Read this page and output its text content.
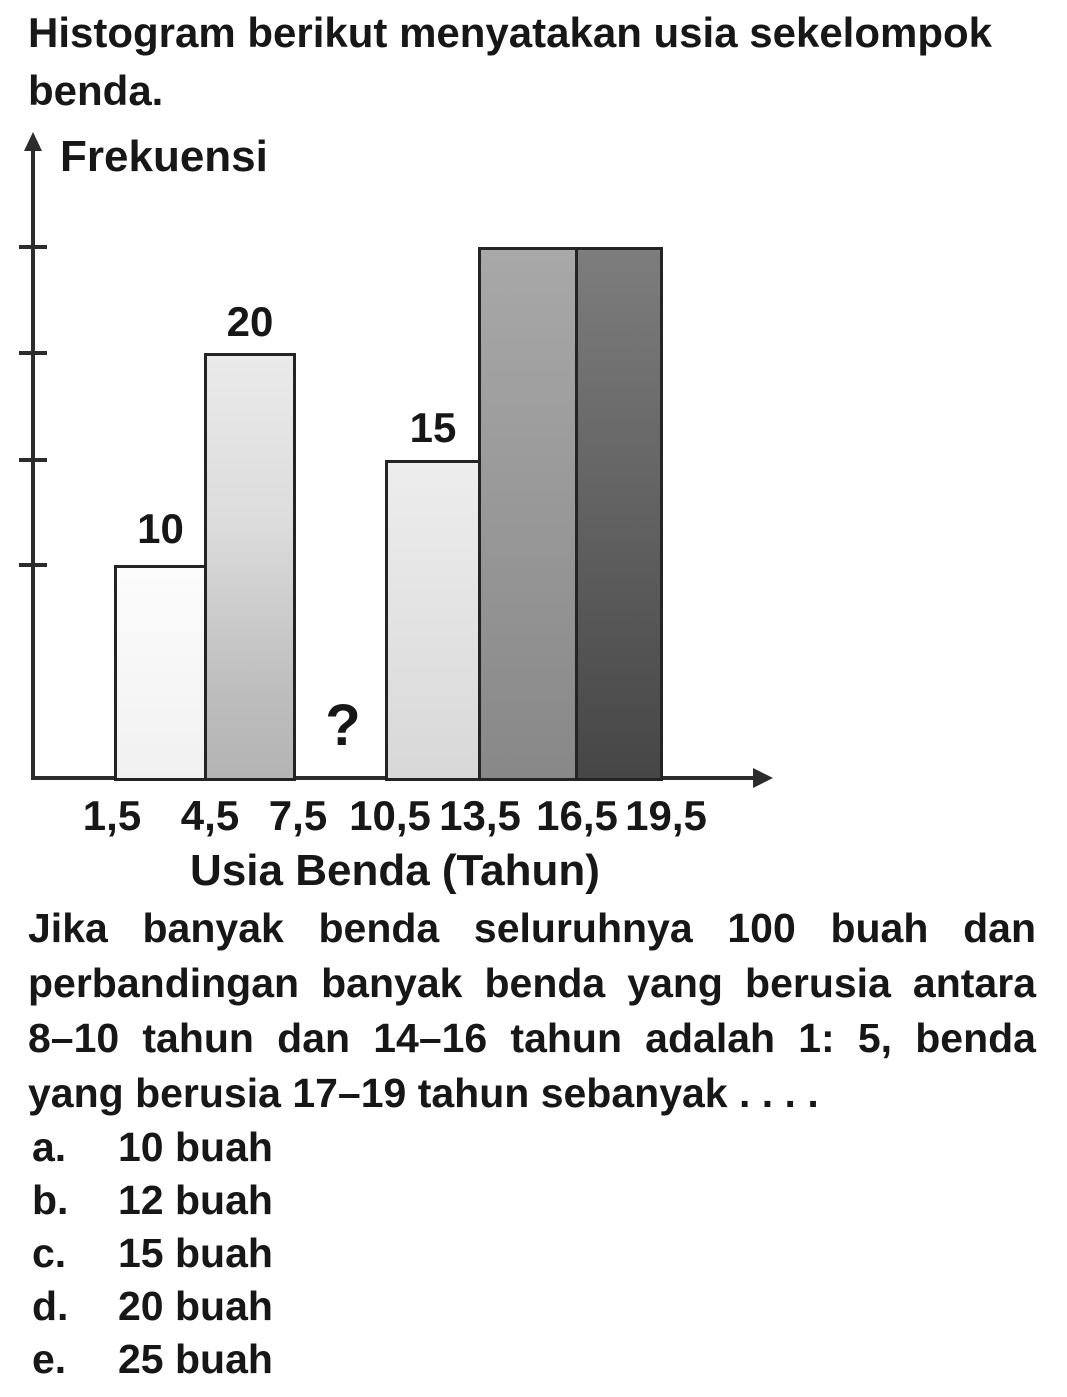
Histogram berikut menyatakan usia sekelompok
benda.
Frekuensi
10
20
15
?
1,5 4,5 7,5 10,5 13,5 16,5 19,5
Usia Benda (Tahun)
Jika banyak benda seluruhnya 100 buah dan
perbandingan banyak benda yang berusia antara
8–10 tahun dan 14–16 tahun adalah 1: 5, benda
yang berusia 17–19 tahun sebanyak . . . .
a.	10 buah
b.	12 buah
c.	15 buah
d.	20 buah
e.	25 buah
